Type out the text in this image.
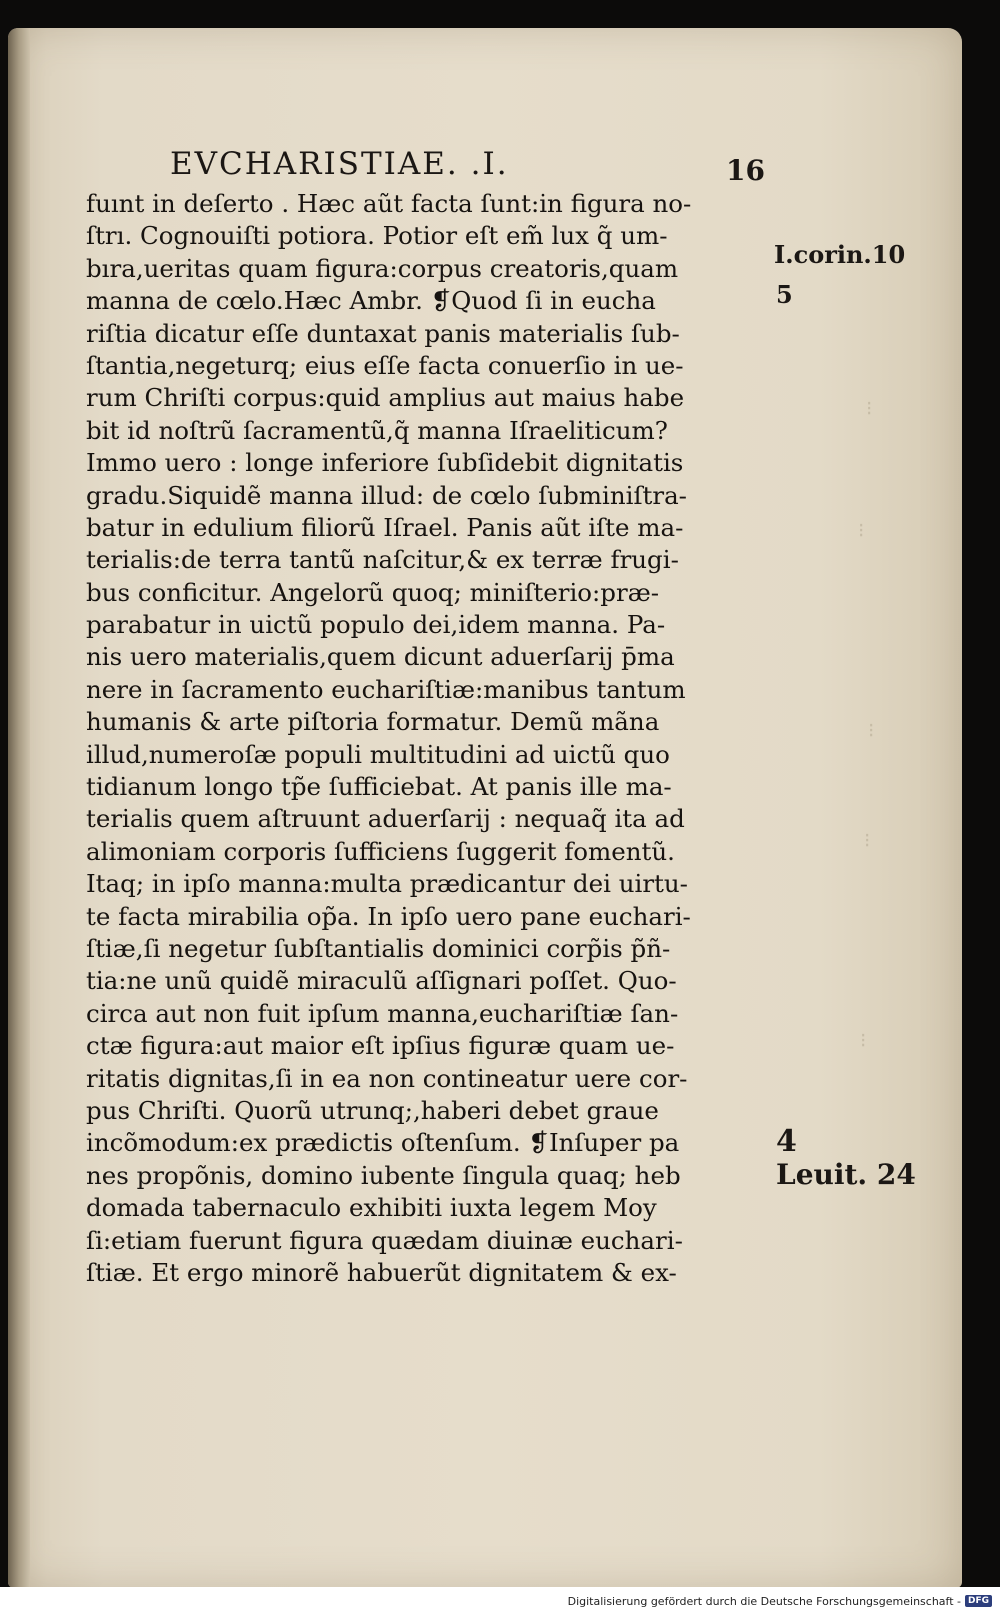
EVCHARISTIAE. .I.	16
fuınt in deſerto . Hæc aũt facta ſunt:in figura no-
ſtrı. Cognouiſti potiora. Potior eſt em̃ lux q̃ um-
bıra,ueritas quam figura:corpus creatoris,quam
manna de cœlo.Hæc Ambr. ❡Quod ſi in eucha
riſtia dicatur eſſe duntaxat panis materialis ſub-
ſtantia,negeturq; eius eſſe facta conuerſio in ue-
rum Chriſti corpus:quid amplius aut maius habe
bit id noſtrũ ſacramentũ,q̃ manna Iſraeliticum?
Immo uero : longe inferiore ſubſidebit dignitatis
gradu.Siquidẽ manna illud: de cœlo ſubminiſtra-
batur in edulium filiorũ Iſrael. Panis aũt iſte ma-
terialis:de terra tantũ naſcitur,& ex terræ frugi-
bus conficitur. Angelorũ quoq; miniſterio:præ-
parabatur in uictũ populo dei,idem manna. Pa-
nis uero materialis,quem dicunt aduerſarij p̄ma
nere in ſacramento euchariſtiæ:manibus tantum
humanis & arte piſtoria formatur. Demũ mãna
illud,numeroſæ populi multitudini ad uictũ quo
tidianum longo tp̃e ſufficiebat. At panis ille ma-
terialis quem aſtruunt aduerſarij : nequaq̃ ita ad
alimoniam corporis ſufficiens ſuggerit fomentũ.
Itaq; in ipſo manna:multa prædicantur dei uirtu-
te facta mirabilia op̃a. In ipſo uero pane euchari-
ſtiæ,ſi negetur ſubſtantialis dominici corp̃is p̃ñ-
tia:ne unũ quidẽ miraculũ aſſignari poſſet. Quo-
circa aut non fuit ipſum manna,euchariſtiæ ſan-
ctæ figura:aut maior eſt ipſius figuræ quam ue-
ritatis dignitas,ſi in ea non contineatur uere cor-
pus Chriſti. Quorũ utrunq;,haberi debet graue
incõmodum:ex prædictis oſtenſum. ❡Inſuper pa
nes propõnis, domino iubente ſingula quaq; heb
domada tabernaculo exhibiti iuxta legem Moy
ſi:etiam fuerunt figura quædam diuinæ euchari-
ſtiæ. Et ergo minorẽ habuerũt dignitatem & ex-
I.corin.10
5
4
Leuit. 24
⁝
⁝
⁝
⁝
⁝
Digitalisierung gefördert durch die Deutsche Forschungsgemeinschaft - DFG
